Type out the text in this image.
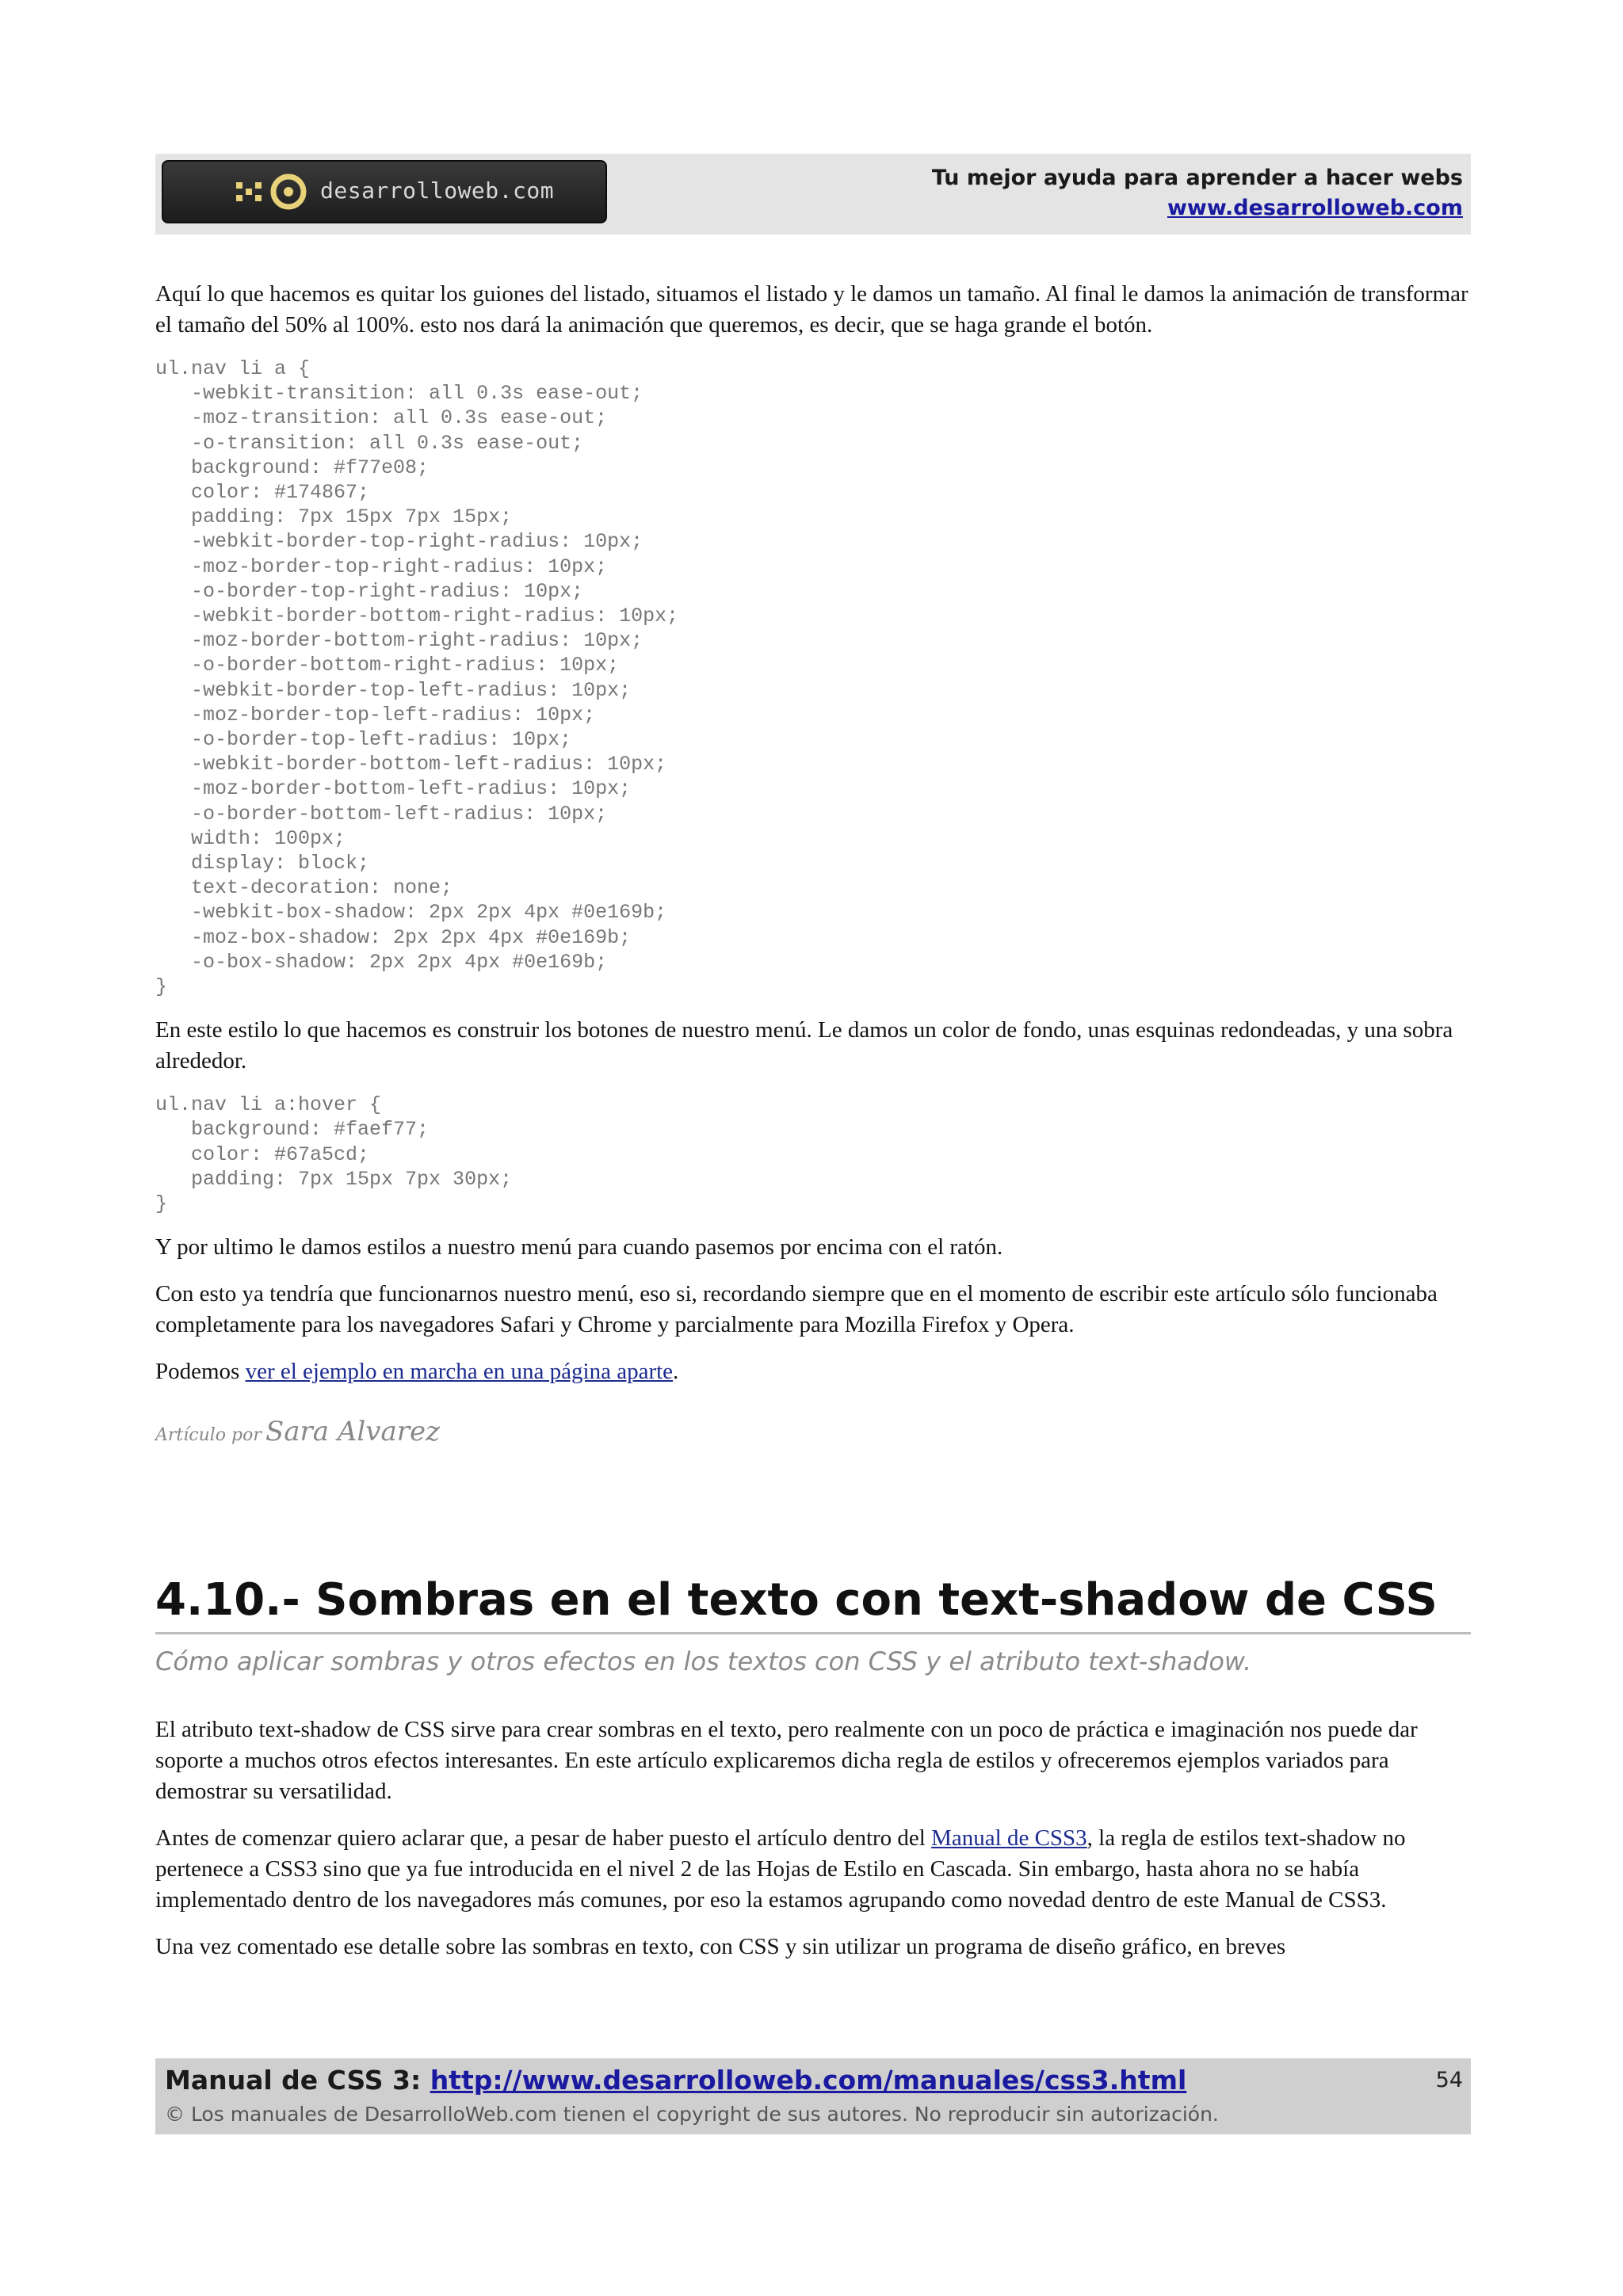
desarrolloweb.com	Tu mejor ayuda para aprender a hacer webs
www.desarrolloweb.com

Aquí lo que hacemos es quitar los guiones del listado, situamos el listado y le damos un tamaño. Al final le damos la animación de transformar el tamaño del 50% al 100%. esto nos dará la animación que queremos, es decir, que se haga grande el botón.

ul.nav li a {
-webkit-transition: all 0.3s ease-out;
-moz-transition: all 0.3s ease-out;
-o-transition: all 0.3s ease-out;
background: #f77e08;
color: #174867;
padding: 7px 15px 7px 15px;
-webkit-border-top-right-radius: 10px;
-moz-border-top-right-radius: 10px;
-o-border-top-right-radius: 10px;
-webkit-border-bottom-right-radius: 10px;
-moz-border-bottom-right-radius: 10px;
-o-border-bottom-right-radius: 10px;
-webkit-border-top-left-radius: 10px;
-moz-border-top-left-radius: 10px;
-o-border-top-left-radius: 10px;
-webkit-border-bottom-left-radius: 10px;
-moz-border-bottom-left-radius: 10px;
-o-border-bottom-left-radius: 10px;
width: 100px;
display: block;
text-decoration: none;
-webkit-box-shadow: 2px 2px 4px #0e169b;
-moz-box-shadow: 2px 2px 4px #0e169b;
-o-box-shadow: 2px 2px 4px #0e169b;
}

En este estilo lo que hacemos es construir los botones de nuestro menú. Le damos un color de fondo, unas esquinas redondeadas, y una sobra alrededor.

ul.nav li a:hover {
background: #faef77;
color: #67a5cd;
padding: 7px 15px 7px 30px;
}

Y por ultimo le damos estilos a nuestro menú para cuando pasemos por encima con el ratón.

Con esto ya tendría que funcionarnos nuestro menú, eso si, recordando siempre que en el momento de escribir este artículo sólo funcionaba completamente para los navegadores Safari y Chrome y parcialmente para Mozilla Firefox y Opera.

Podemos ver el ejemplo en marcha en una página aparte.

Artículo por Sara Alvarez
4.10.- Sombras en el texto con text-shadow de CSS
Cómo aplicar sombras y otros efectos en los textos con CSS y el atributo text-shadow.

El atributo text-shadow de CSS sirve para crear sombras en el texto, pero realmente con un poco de práctica e imaginación nos puede dar soporte a muchos otros efectos interesantes. En este artículo explicaremos dicha regla de estilos y ofreceremos ejemplos variados para demostrar su versatilidad.

Antes de comenzar quiero aclarar que, a pesar de haber puesto el artículo dentro del Manual de CSS3, la regla de estilos text-shadow no pertenece a CSS3 sino que ya fue introducida en el nivel 2 de las Hojas de Estilo en Cascada. Sin embargo, hasta ahora no se había implementado dentro de los navegadores más comunes, por eso la estamos agrupando como novedad dentro de este Manual de CSS3.

Una vez comentado ese detalle sobre las sombras en texto, con CSS y sin utilizar un programa de diseño gráfico, en breves

Manual de CSS 3: http://www.desarrolloweb.com/manuales/css3.html
© Los manuales de DesarrolloWeb.com tienen el copyright de sus autores. No reproducir sin autorización.
54
